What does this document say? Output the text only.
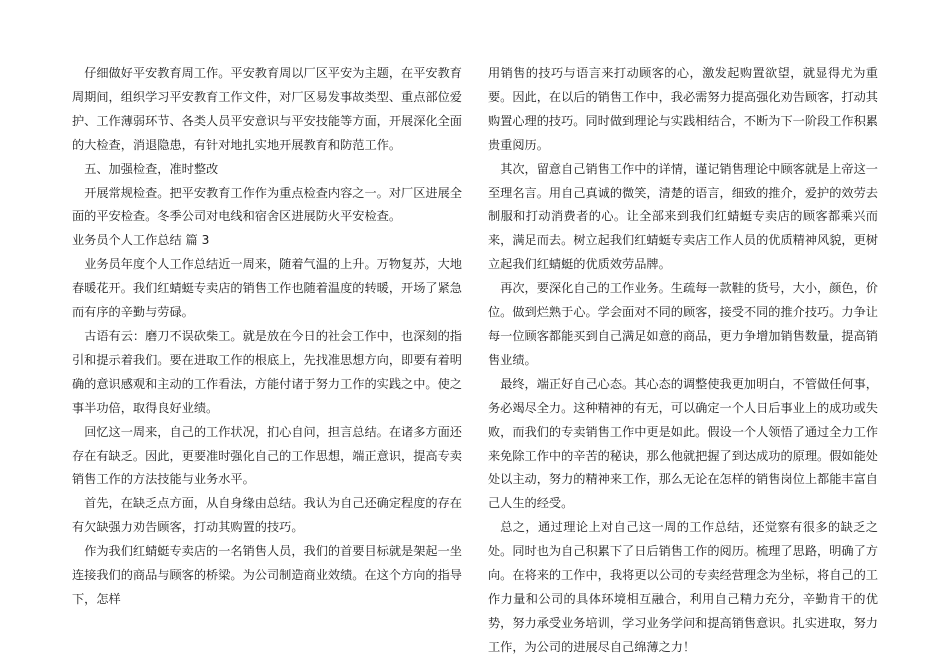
仔细做好平安教育周工作。平安教育周以厂区平安为主题，在平安教育周期间，组织学习平安教育工作文件，对厂区易发事故类型、重点部位爱护、工作薄弱环节、各类人员平安意识与平安技能等方面，开展深化全面的大检查，消退隐患，有针对地扎实地开展教育和防范工作。

五、加强检查，准时整改

开展常规检查。把平安教育工作作为重点检查内容之一。对厂区进展全面的平安检查。冬季公司对电线和宿舍区进展防火平安检查。

业务员个人工作总结 篇 3

业务员年度个人工作总结近一周来，随着气温的上升。万物复苏，大地春暖花开。我们红蜻蜓专卖店的销售工作也随着温度的转暖，开场了紧急而有序的辛勤与劳碌。

古语有云：磨刀不误砍柴工。就是放在今日的社会工作中，也深刻的指引和提示着我们。要在进取工作的根底上，先找准思想方向，即要有着明确的意识感观和主动的工作看法，方能付诸于努力工作的实践之中。使之事半功倍，取得良好业绩。

回忆这一周来，自己的工作状况，扪心自问，担言总结。在诸多方面还存在有缺乏。因此，更要准时强化自己的工作思想，端正意识，提高专卖销售工作的方法技能与业务水平。

首先，在缺乏点方面，从自身缘由总结。我认为自己还确定程度的存在有欠缺强力劝告顾客，打动其购置的技巧。

作为我们红蜻蜓专卖店的一名销售人员，我们的首要目标就是架起一坐连接我们的商品与顾客的桥梁。为公司制造商业效绩。在这个方向的指导下，怎样

用销售的技巧与语言来打动顾客的心，激发起购置欲望，就显得尤为重要。因此，在以后的销售工作中，我必需努力提高强化劝告顾客，打动其购置心理的技巧。同时做到理论与实践相结合，不断为下一阶段工作积累贵重阅历。

其次，留意自己销售工作中的详情，谨记销售理论中顾客就是上帝这一至理名言。用自己真诚的微笑，清楚的语言，细致的推介，爱护的效劳去制服和打动消费者的心。让全部来到我们红蜻蜓专卖店的顾客都乘兴而来，满足而去。树立起我们红蜻蜓专卖店工作人员的优质精神风貌，更树立起我们红蜻蜓的优质效劳品牌。

再次，要深化自己的工作业务。生疏每一款鞋的货号，大小，颜色，价位。做到烂熟于心。学会面对不同的顾客，接受不同的推介技巧。力争让每一位顾客都能买到自己满足如意的商品，更力争增加销售数量，提高销售业绩。

最终，端正好自己心态。其心态的调整使我更加明白，不管做任何事，务必竭尽全力。这种精神的有无，可以确定一个人日后事业上的成功或失败，而我们的专卖销售工作中更是如此。假设一个人领悟了通过全力工作来免除工作中的辛苦的秘诀，那么他就把握了到达成功的原理。假如能处处以主动，努力的精神来工作，那么无论在怎样的销售岗位上都能丰富自己人生的经受。

总之，通过理论上对自己这一周的工作总结，还觉察有很多的缺乏之处。同时也为自己积累下了日后销售工作的阅历。梳理了思路，明确了方向。在将来的工作中，我将更以公司的专卖经营理念为坐标，将自己的工作力量和公司的具体环境相互融合，利用自己精力充分，辛勤肯干的优势，努力承受业务培训，学习业务学问和提高销售意识。扎实进取，努力工作，为公司的进展尽自己绵薄之力！
